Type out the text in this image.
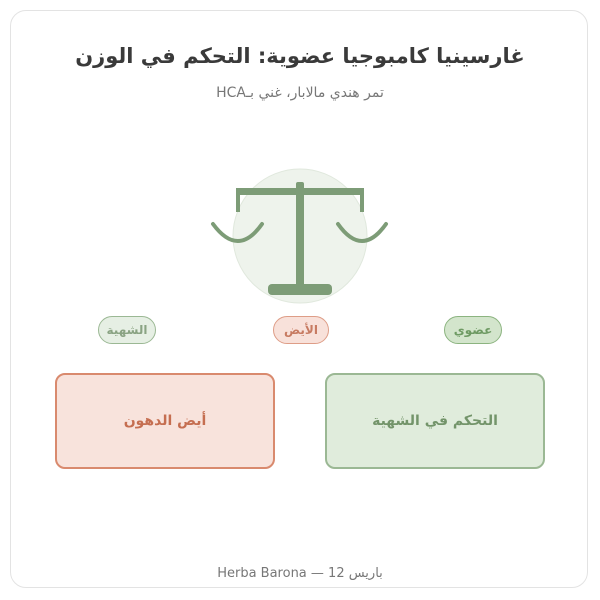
غارسينيا كامبوجيا عضوية: التحكم في الوزن
تمر هندي مالابار، غني بـHCA
الشهية	الأيض	عضوي
أيض الدهون	التحكم في الشهية
باريس 12 — Herba Barona
